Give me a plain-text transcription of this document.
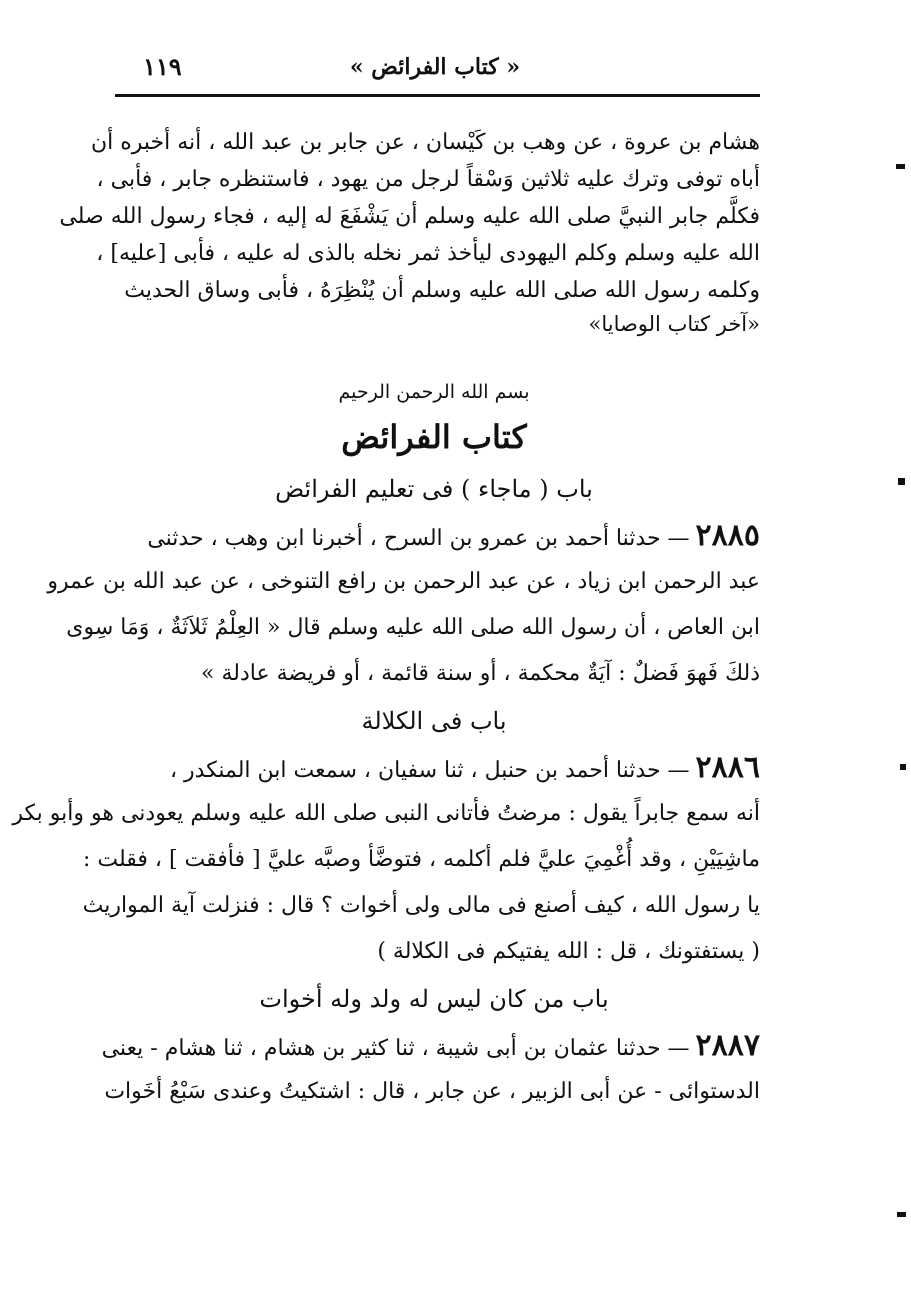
« كتاب الفرائض »
١١٩
هشام بن عروة ، عن وهب بن كَيْسان ، عن جابر بن عبد الله ، أنه أخبره أن
أباه توفى وترك عليه ثلاثين وَسْقاً لرجل من يهود ، فاستنظره جابر ، فأبى ،
فكلَّم جابر النبيَّ صلى الله عليه وسلم أن يَشْفَعَ له إليه ، فجاء رسول الله صلى
الله عليه وسلم وكلم اليهودى ليأخذ ثمر نخله بالذى له عليه ، فأبى [عليه] ،
وكلمه رسول الله صلى الله عليه وسلم أن يُنْظِرَهُ ، فأبى وساق الحديث
«آخر كتاب الوصايا»
بسم الله الرحمن الرحيم
كتاب الفرائض
باب ( ماجاء ) فى تعليم الفرائض
٢٨٨٥— حدثنا أحمد بن عمرو بن السرح ، أخبرنا ابن وهب ، حدثنى
عبد الرحمن ابن زياد ، عن عبد الرحمن بن رافع التنوخى ، عن عبد الله بن عمرو
ابن العاص ، أن رسول الله صلى الله عليه وسلم قال « العِلْمُ ثَلاَثَةٌ ، وَمَا سِوى
ذلكَ فَهوَ فَضلٌ : آيَةٌ محكمة ، أو سنة قائمة ، أو فريضة عادلة »
باب فى الكلالة
٢٨٨٦— حدثنا أحمد بن حنبل ، ثنا سفيان ، سمعت ابن المنكدر ،
أنه سمع جابراً يقول : مرضتُ فأتانى النبى صلى الله عليه وسلم يعودنى هو وأبو بكر
ماشِيَيْنِ ، وقد أُغْمِيَ عليَّ فلم أكلمه ، فتوضَّأ وصبَّه عليَّ [ فأفقت ] ، فقلت :
يا رسول الله ، كيف أصنع فى مالى ولى أخوات ؟ قال : فنزلت آية المواريث
( يستفتونك ، قل : الله يفتيكم فى الكلالة )
باب من كان ليس له ولد وله أخوات
٢٨٨٧— حدثنا عثمان بن أبى شيبة ، ثنا كثير بن هشام ، ثنا هشام - يعنى
الدستوائى - عن أبى الزبير ، عن جابر ، قال : اشتكيتُ وعندى سَبْعُ أخَوات
